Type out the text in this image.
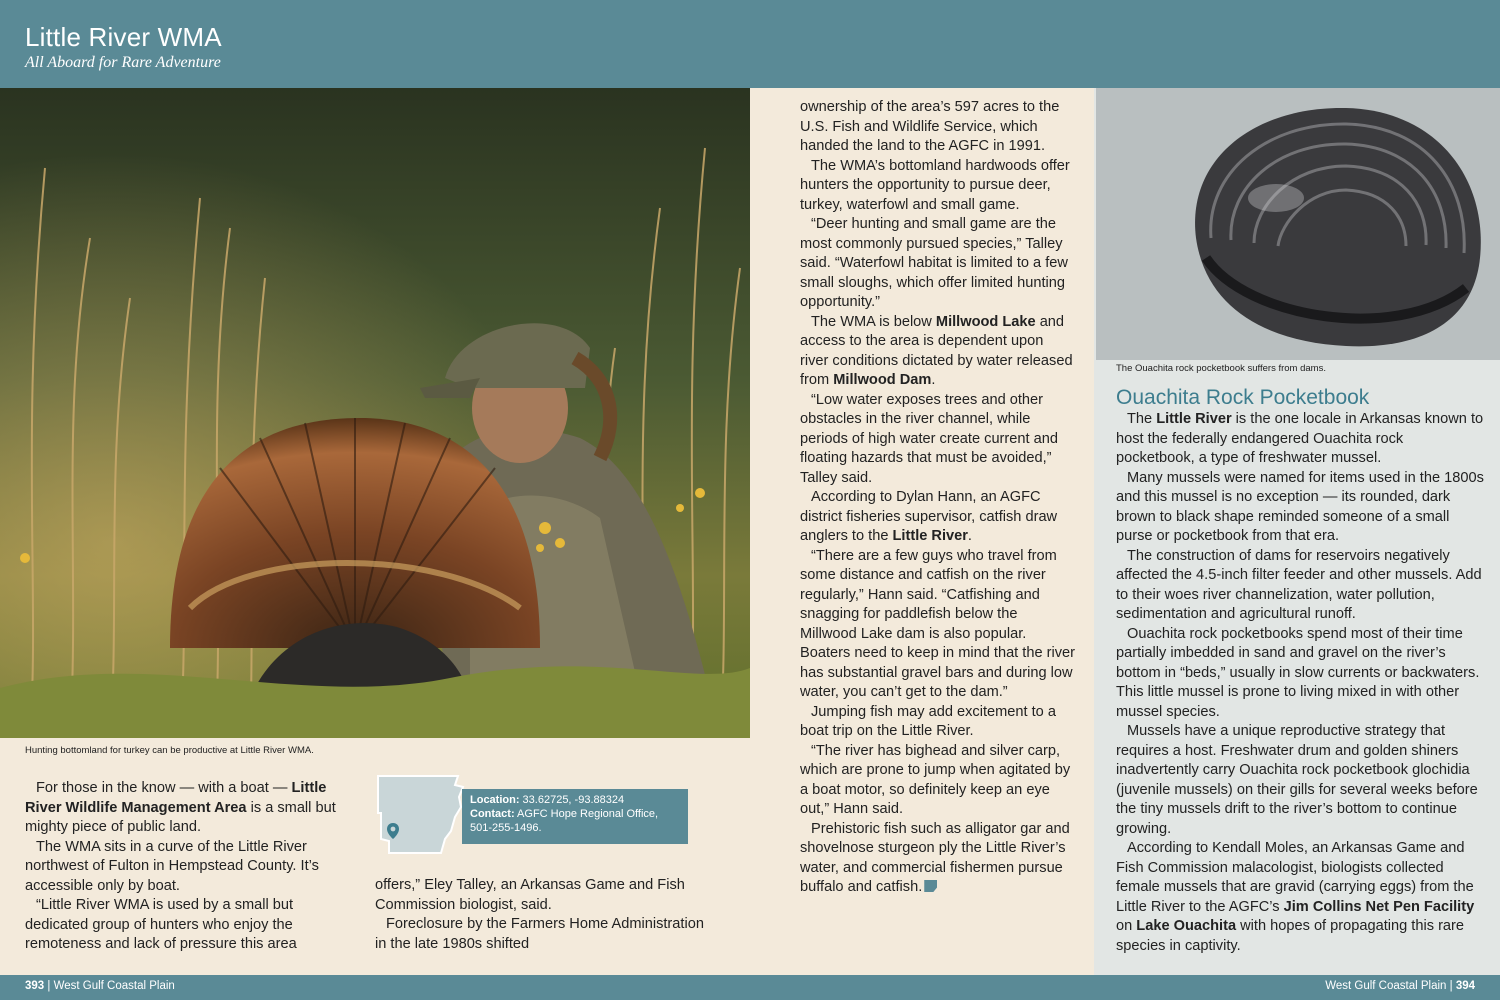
Little River WMA
All Aboard for Rare Adventure
Hunting bottomland for turkey can be productive at Little River WMA.

For those in the know — with a boat — Little River Wildlife Management Area is a small but mighty piece of public land.

The WMA sits in a curve of the Little River northwest of Fulton in Hempstead County. It’s accessible only by boat.

“Little River WMA is used by a small but dedicated group of hunters who enjoy the remoteness and lack of pressure this area

Location: 33.62725, -93.88324
Contact: AGFC Hope Regional Office, 501-255-1496.

offers,” Eley Talley, an Arkansas Game and Fish Commission biologist, said.

Foreclosure by the Farmers Home Administration in the late 1980s shifted

ownership of the area’s 597 acres to the U.S. Fish and Wildlife Service, which handed the land to the AGFC in 1991.

The WMA’s bottomland hardwoods offer hunters the opportunity to pursue deer, turkey, waterfowl and small game.

“Deer hunting and small game are the most commonly pursued species,” Talley said. “Waterfowl habitat is limited to a few small sloughs, which offer limited hunting opportunity.”

The WMA is below Millwood Lake and access to the area is dependent upon river conditions dictated by water released from Millwood Dam.

“Low water exposes trees and other obstacles in the river channel, while periods of high water create current and floating hazards that must be avoided,” Talley said.

According to Dylan Hann, an AGFC district fisheries supervisor, catfish draw anglers to the Little River.

“There are a few guys who travel from some distance and catfish on the river regularly,” Hann said. “Catfishing and snagging for paddlefish below the Millwood Lake dam is also popular. Boaters need to keep in mind that the river has substantial gravel bars and during low water, you can’t get to the dam.”

Jumping fish may add excitement to a boat trip on the Little River.

“The river has bighead and silver carp, which are prone to jump when agitated by a boat motor, so definitely keep an eye out,” Hann said.

Prehistoric fish such as alligator gar and shovelnose sturgeon ply the Little River’s water, and commercial fishermen pursue buffalo and catfish.

The Ouachita rock pocketbook suffers from dams.
Ouachita Rock Pocketbook

The Little River is the one locale in Arkansas known to host the federally endangered Ouachita rock pocketbook, a type of freshwater mussel.

Many mussels were named for items used in the 1800s and this mussel is no exception — its rounded, dark brown to black shape reminded someone of a small purse or pocketbook from that era.

The construction of dams for reservoirs negatively affected the 4.5-inch filter feeder and other mussels. Add to their woes river channelization, water pollution, sedimentation and agricultural runoff.

Ouachita rock pocketbooks spend most of their time partially imbedded in sand and gravel on the river’s bottom in “beds,” usually in slow currents or backwaters. This little mussel is prone to living mixed in with other mussel species.

Mussels have a unique reproductive strategy that requires a host. Freshwater drum and golden shiners inadvertently carry Ouachita rock pocketbook glochidia (juvenile mussels) on their gills for several weeks before the tiny mussels drift to the river’s bottom to continue growing.

According to Kendall Moles, an Arkansas Game and Fish Commission malacologist, biologists collected female mussels that are gravid (carrying eggs) from the Little River to the AGFC’s Jim Collins Net Pen Facility on Lake Ouachita with hopes of propagating this rare species in captivity.

393 | West Gulf Coastal Plain	West Gulf Coastal Plain | 394
